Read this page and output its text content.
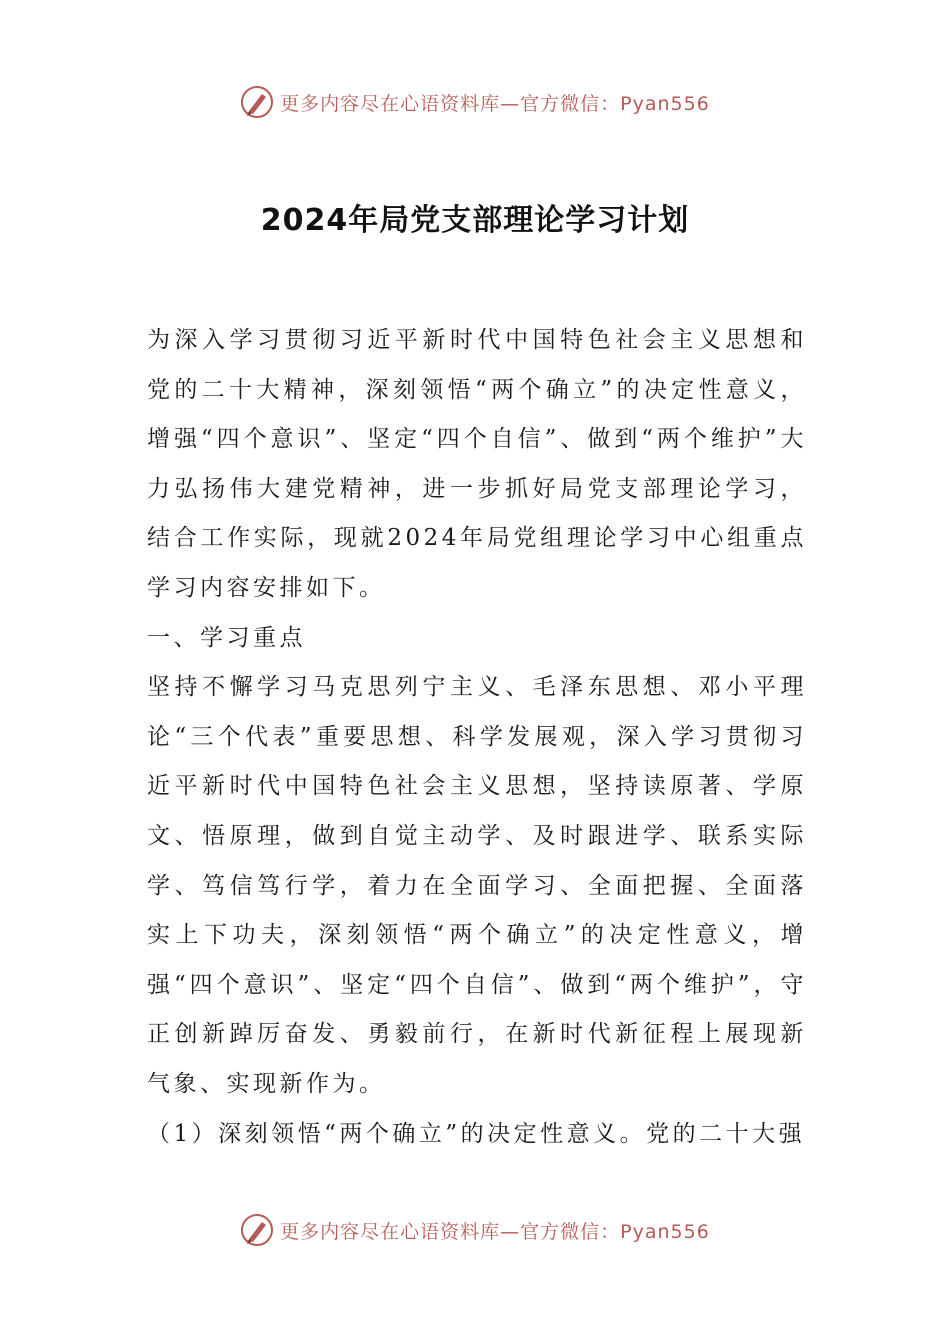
更多内容尽在心语资料库—官方微信：Pyan556
2024年局党支部理论学习计划

为深入学习贯彻习近平新时代中国特色社会主义思想和党的二十大精神，深刻领悟“两个确立”的决定性意义，增强“四个意识”、坚定“四个自信”、做到“两个维护”大力弘扬伟大建党精神，进一步抓好局党支部理论学习，结合工作实际，现就2024年局党组理论学习中心组重点学习内容安排如下。

一、学习重点

坚持不懈学习马克思列宁主义、毛泽东思想、邓小平理论“三个代表”重要思想、科学发展观，深入学习贯彻习近平新时代中国特色社会主义思想，坚持读原著、学原文、悟原理，做到自觉主动学、及时跟进学、联系实际学、笃信笃行学，着力在全面学习、全面把握、全面落实上下功夫，深刻领悟“两个确立”的决定性意义，增强“四个意识”、坚定“四个自信”、做到“两个维护”，守正创新踔厉奋发、勇毅前行，在新时代新征程上展现新气象、实现新作为。

（1）深刻领悟“两个确立”的决定性意义。党的二十大强

更多内容尽在心语资料库—官方微信：Pyan556
